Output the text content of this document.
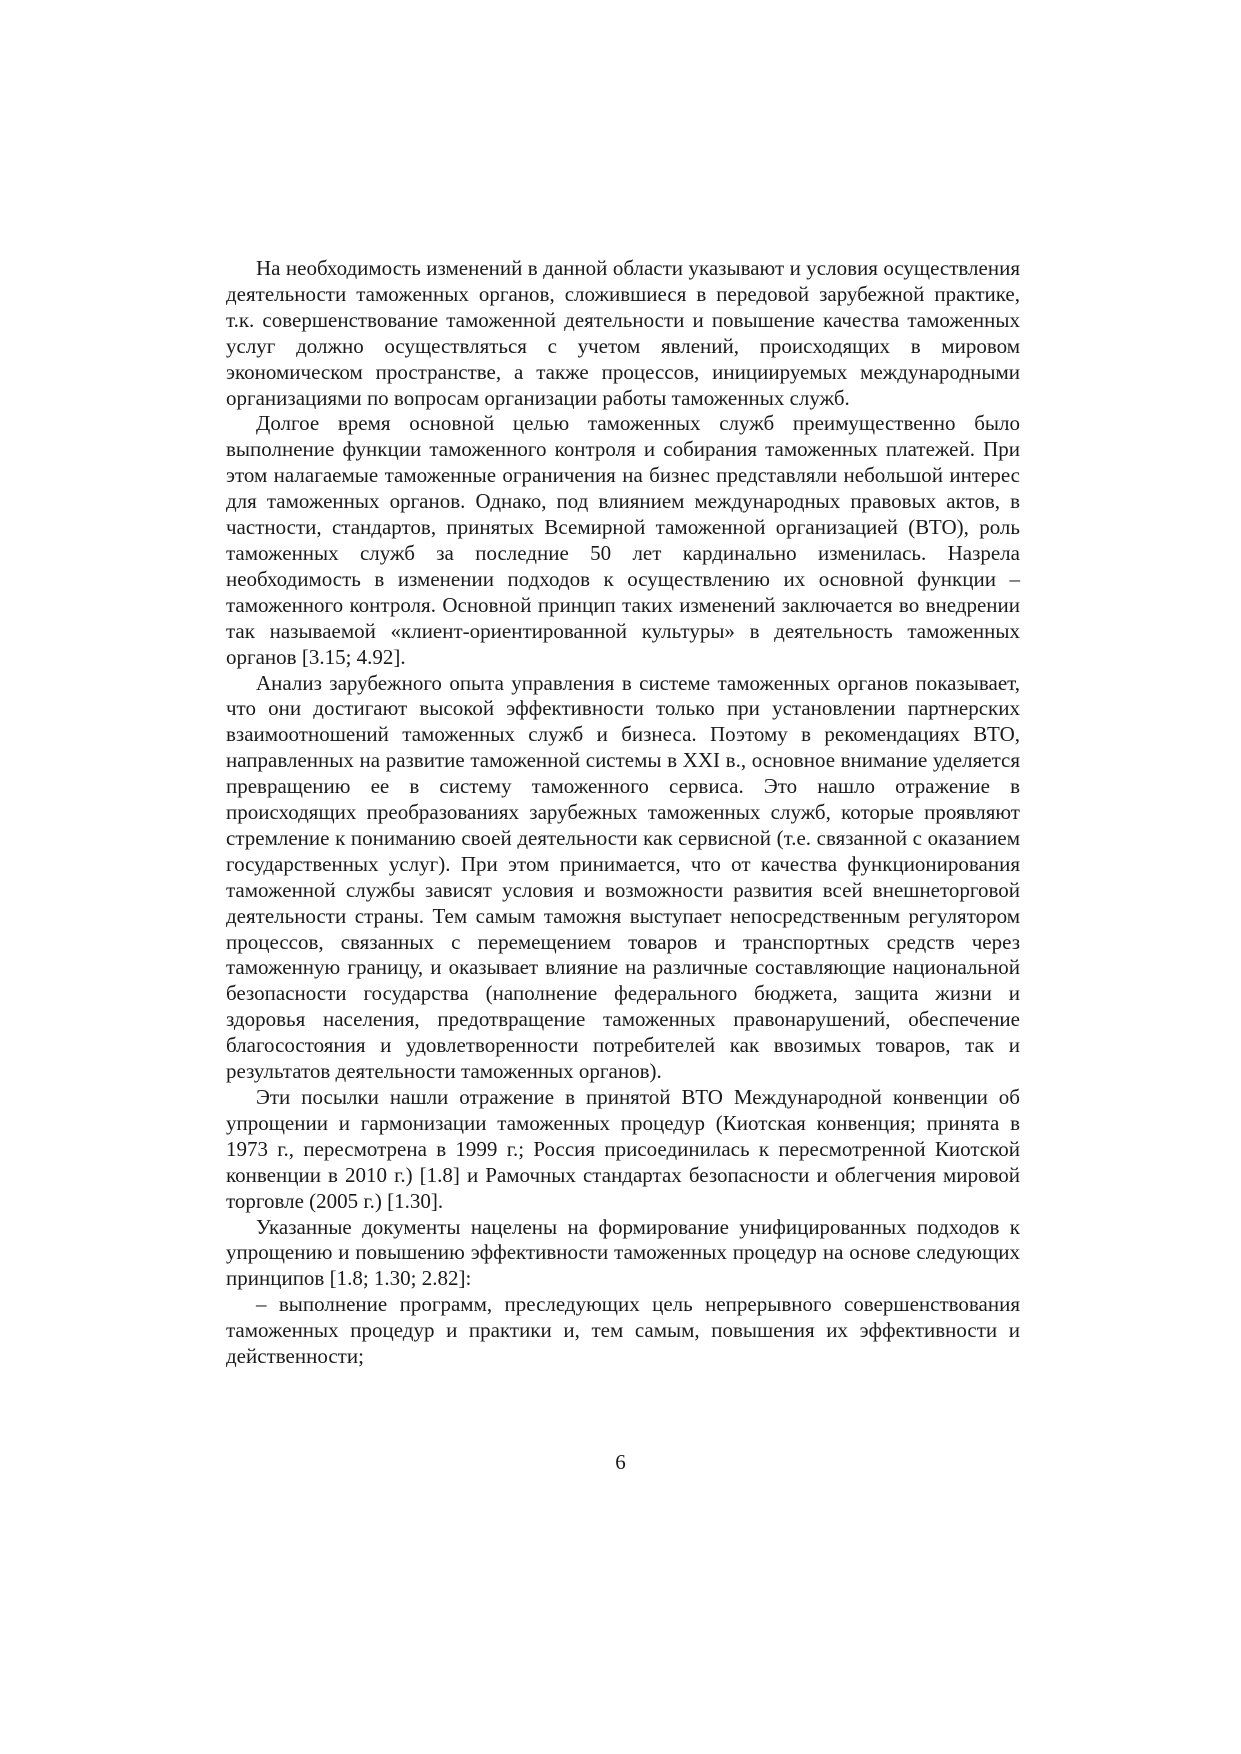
На необходимость изменений в данной области указывают и условия осуществления деятельности таможенных органов, сложившиеся в передовой зарубежной практике, т.к. совершенствование таможенной деятельности и повышение качества таможенных услуг должно осуществляться с учетом явлений, происходящих в мировом экономическом пространстве, а также процессов, инициируемых международными организациями по вопросам организации работы таможенных служб.

Долгое время основной целью таможенных служб преимущественно было выполнение функции таможенного контроля и собирания таможенных платежей. При этом налагаемые таможенные ограничения на бизнес представляли небольшой интерес для таможенных органов. Однако, под влиянием международных правовых актов, в частности, стандартов, принятых Всемирной таможенной организацией (ВТО), роль таможенных служб за последние 50 лет кардинально изменилась. Назрела необходимость в изменении подходов к осуществлению их основной функции – таможенного контроля. Основной принцип таких изменений заключается во внедрении так называемой «клиент-ориентированной культуры» в деятельность таможенных органов [3.15; 4.92].

Анализ зарубежного опыта управления в системе таможенных органов показывает, что они достигают высокой эффективности только при установлении партнерских взаимоотношений таможенных служб и бизнеса. Поэтому в рекомендациях ВТО, направленных на развитие таможенной системы в XXI в., основное внимание уделяется превращению ее в систему таможенного сервиса. Это нашло отражение в происходящих преобразованиях зарубежных таможенных служб, которые проявляют стремление к пониманию своей деятельности как сервисной (т.е. связанной с оказанием государственных услуг). При этом принимается, что от качества функционирования таможенной службы зависят условия и возможности развития всей внешнеторговой деятельности страны. Тем самым таможня выступает непосредственным регулятором процессов, связанных с перемещением товаров и транспортных средств через таможенную границу, и оказывает влияние на различные составляющие национальной безопасности государства (наполнение федерального бюджета, защита жизни и здоровья населения, предотвращение таможенных правонарушений, обеспечение благосостояния и удовлетворенности потребителей как ввозимых товаров, так и результатов деятельности таможенных органов).

Эти посылки нашли отражение в принятой ВТО Международной конвенции об упрощении и гармонизации таможенных процедур (Киотская конвенция; принята в 1973 г., пересмотрена в 1999 г.; Россия присоединилась к пересмотренной Киотской конвенции в 2010 г.) [1.8] и Рамочных стандартах безопасности и облегчения мировой торговле (2005 г.) [1.30].

Указанные документы нацелены на формирование унифицированных подходов к упрощению и повышению эффективности таможенных процедур на основе следующих принципов [1.8; 1.30; 2.82]:

– выполнение программ, преследующих цель непрерывного совершенствования таможенных процедур и практики и, тем самым, повышения их эффективности и действенности;

6
